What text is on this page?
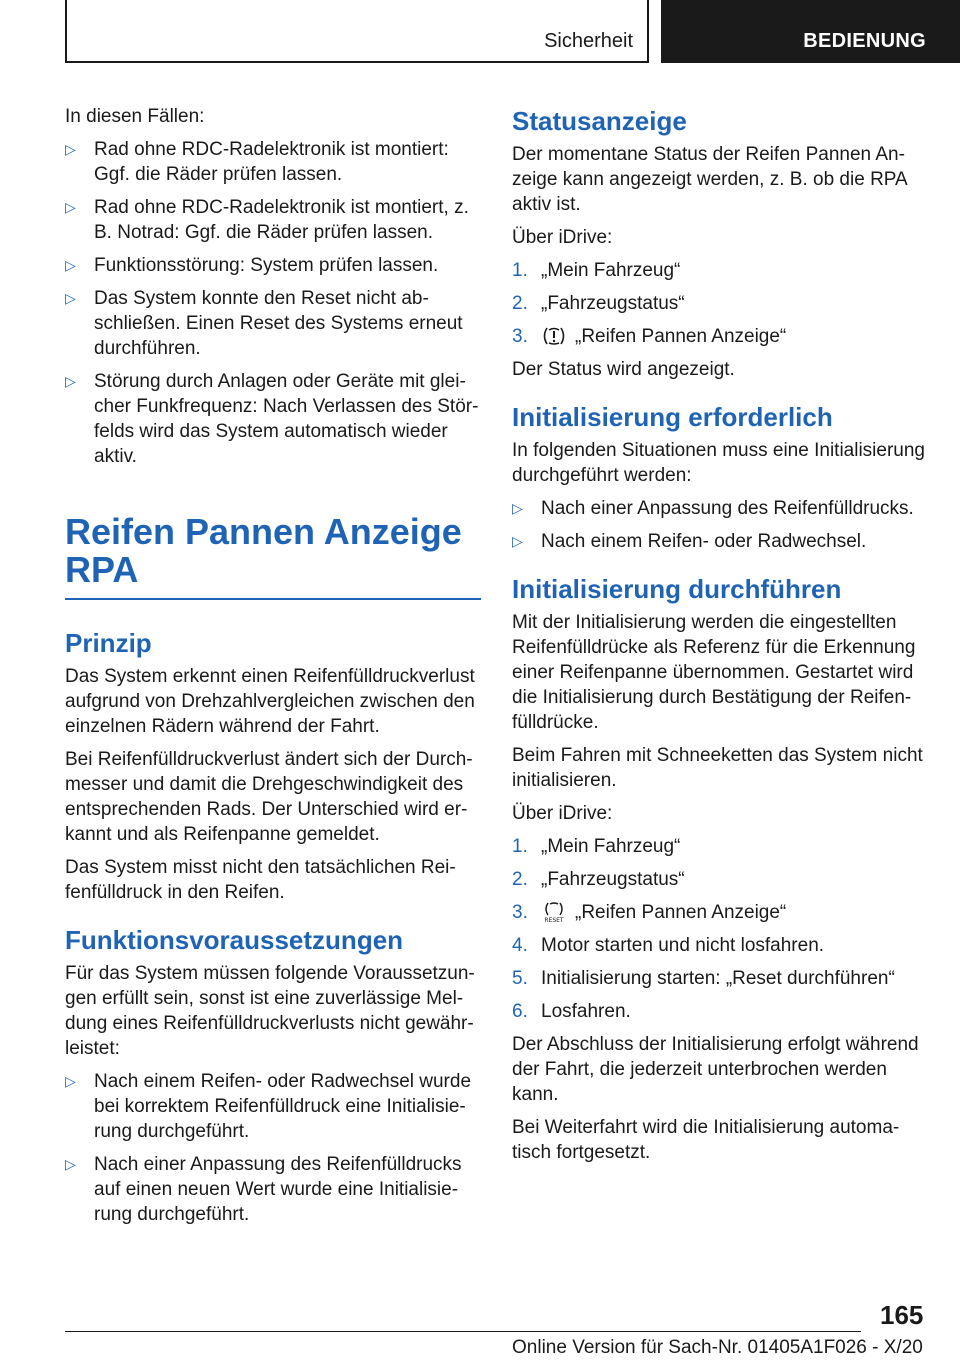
Sicherheit	BEDIENUNG

In diesen Fällen:

▷ Rad ohne RDC-Radelektronik ist montiert: Ggf. die Räder prüfen lassen.
▷ Rad ohne RDC-Radelektronik ist montiert, z. B. Notrad: Ggf. die Räder prüfen lassen.
▷ Funktionsstörung: System prüfen lassen.
▷ Das System konnte den Reset nicht ab- schließen. Einen Reset des Systems erneut durchführen.
▷ Störung durch Anlagen oder Geräte mit glei- cher Funkfrequenz: Nach Verlassen des Stör- felds wird das System automatisch wieder aktiv.
Reifen Pannen Anzeige RPA
Prinzip

Das System erkennt einen Reifenfülldruckverlust aufgrund von Drehzahlvergleichen zwischen den einzelnen Rädern während der Fahrt.

Bei Reifenfülldruckverlust ändert sich der Durch- messer und damit die Drehgeschwindigkeit des entsprechenden Rads. Der Unterschied wird er- kannt und als Reifenpanne gemeldet.

Das System misst nicht den tatsächlichen Rei- fenfülldruck in den Reifen.

Funktionsvoraussetzungen

Für das System müssen folgende Voraussetzun- gen erfüllt sein, sonst ist eine zuverlässige Mel- dung eines Reifenfülldruckverlusts nicht gewähr- leistet:

▷ Nach einem Reifen- oder Radwechsel wurde bei korrektem Reifenfülldruck eine Initialisie- rung durchgeführt.
▷ Nach einer Anpassung des Reifenfülldrucks auf einen neuen Wert wurde eine Initialisie- rung durchgeführt.
Statusanzeige

Der momentane Status der Reifen Pannen An- zeige kann angezeigt werden, z. B. ob die RPA aktiv ist.

Über iDrive:

1. „Mein Fahrzeug“
2. „Fahrzeugstatus“
3. „Reifen Pannen Anzeige“

Der Status wird angezeigt.

Initialisierung erforderlich

In folgenden Situationen muss eine Initialisierung durchgeführt werden:

▷ Nach einer Anpassung des Reifenfülldrucks.
▷ Nach einem Reifen- oder Radwechsel.
Initialisierung durchführen

Mit der Initialisierung werden die eingestellten Reifenfülldrücke als Referenz für die Erkennung einer Reifenpanne übernommen. Gestartet wird die Initialisierung durch Bestätigung der Reifen- fülldrücke.

Beim Fahren mit Schneeketten das System nicht initialisieren.

Über iDrive:

1. „Mein Fahrzeug“
2. „Fahrzeugstatus“
3.	RESET „Reifen Pannen Anzeige“
4. Motor starten und nicht losfahren.
5. Initialisierung starten: „Reset durchführen“
6. Losfahren.

Der Abschluss der Initialisierung erfolgt während der Fahrt, die jederzeit unterbrochen werden kann.

Bei Weiterfahrt wird die Initialisierung automa- tisch fortgesetzt.

165
Online Version für Sach-Nr. 01405A1F026 - X/20
